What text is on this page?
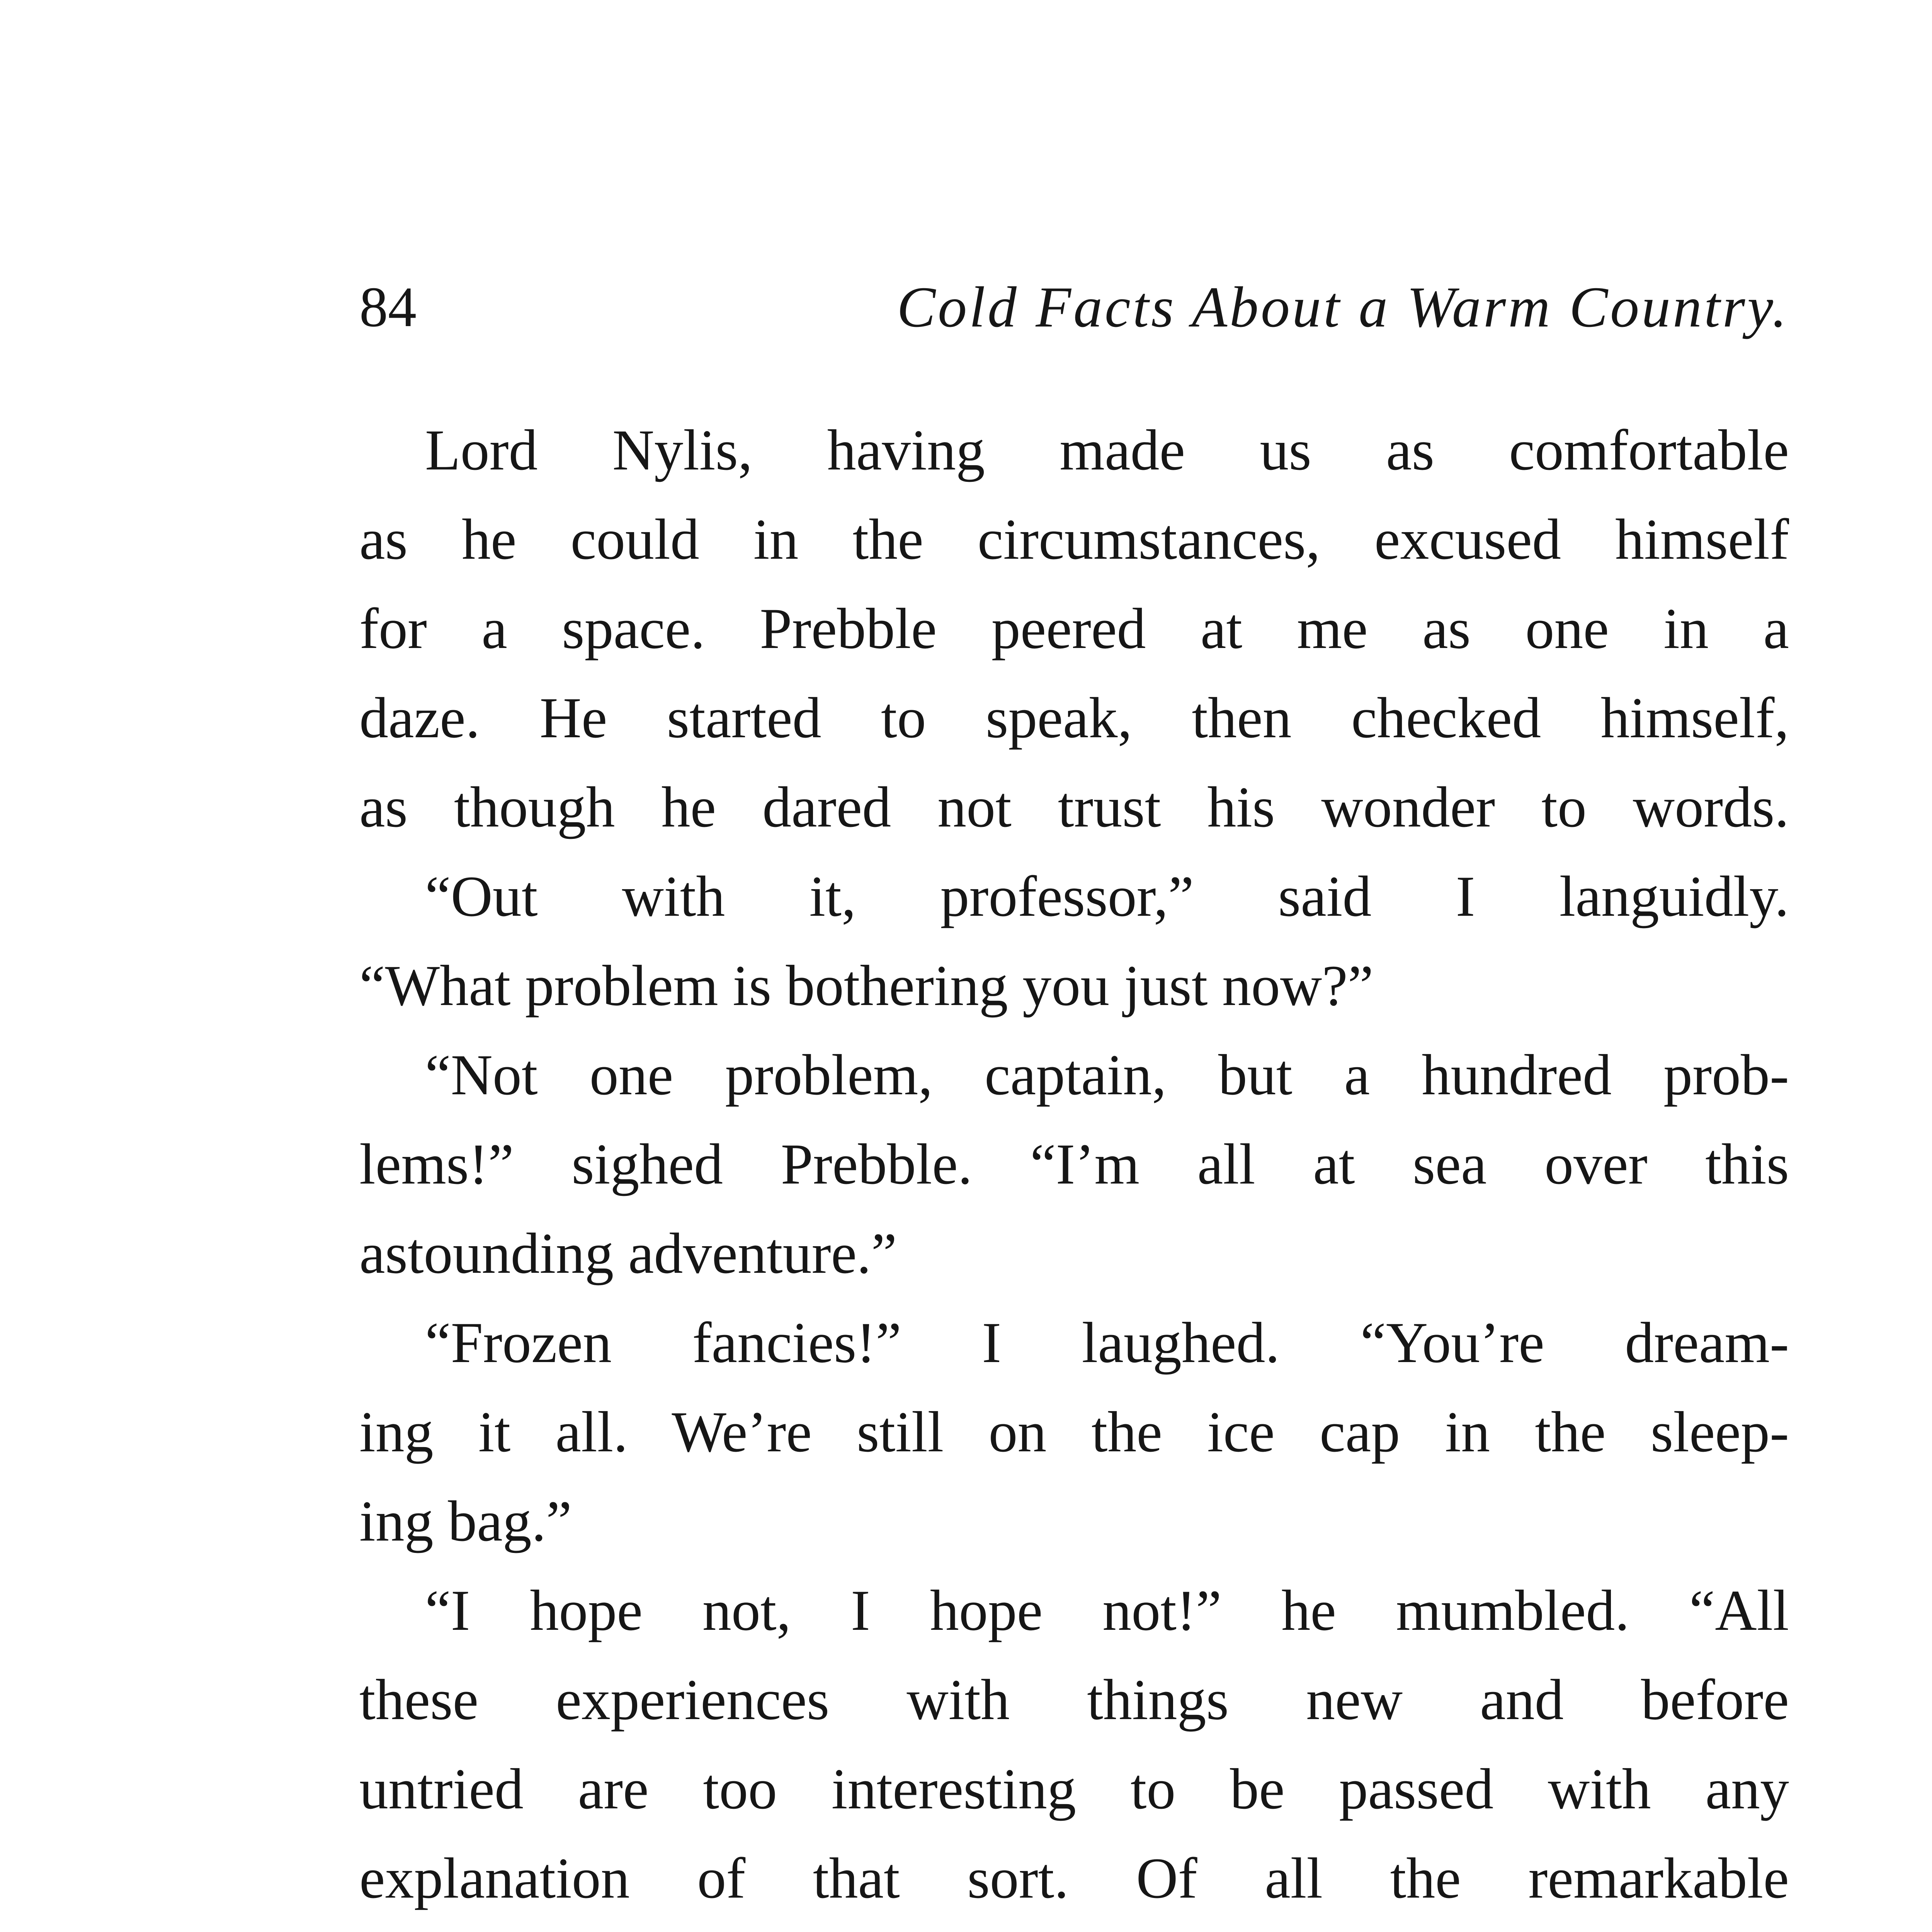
84	Cold Facts About a Warm Country.
Lord Nylis, having made us as comfortable
as he could in the circumstances, excused himself
for a space. Prebble peered at me as one in a
daze. He started to speak, then checked himself,
as though he dared not trust his wonder to words.
“Out with it, professor,” said I languidly.
“What problem is bothering you just now?”
“Not one problem, captain, but a hundred prob-
lems!” sighed Prebble. “I’m all at sea over this
astounding adventure.”
“Frozen fancies!” I laughed. “You’re dream-
ing it all. We’re still on the ice cap in the sleep-
ing bag.”
“I hope not, I hope not!” he mumbled. “All
these experiences with things new and before
untried are too interesting to be passed with any
explanation of that sort. Of all the remarkable
